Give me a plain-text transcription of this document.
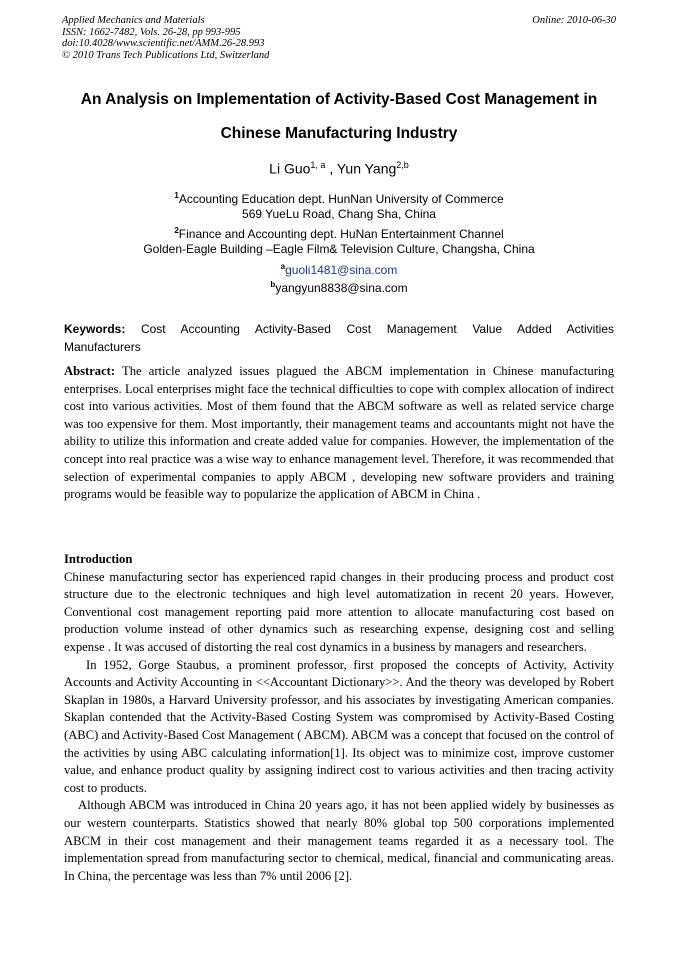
Applied Mechanics and Materials
ISSN: 1662-7482, Vols. 26-28, pp 993-995
doi:10.4028/www.scientific.net/AMM.26-28.993
© 2010 Trans Tech Publications Ltd, Switzerland
Online: 2010-06-30
An Analysis on Implementation of Activity-Based Cost Management in
Chinese Manufacturing Industry
Li Guo$^{1, a}$ , Yun Yang$^{2,b}$
$^1$Accounting Education dept. HunNan University of Commerce
569 YueLu Road, Chang Sha, China
$^2$Finance and Accounting dept. HuNan Entertainment Channel
Golden-Eagle Building –Eagle Film& Television Culture, Changsha, China
$^a$guoli1481@sina.com
$^b$yangyun8838@sina.com
Keywords: Cost Accounting Activity-Based Cost Management Value Added Activities
Manufacturers
Abstract: The article analyzed issues plagued the ABCM implementation in Chinese manufacturing enterprises. Local enterprises might face the technical difficulties to cope with complex allocation of indirect cost into various activities. Most of them found that the ABCM software as well as related service charge was too expensive for them. Most importantly, their management teams and accountants might not have the ability to utilize this information and create added value for companies. However, the implementation of the concept into real practice was a wise way to enhance management level. Therefore, it was recommended that selection of experimental companies to apply ABCM , developing new software providers and training programs would be feasible way to popularize the application of ABCM in China .
Introduction

Chinese manufacturing sector has experienced rapid changes in their producing process and product cost structure due to the electronic techniques and high level automatization in recent 20 years. However, Conventional cost management reporting paid more attention to allocate manufacturing cost based on production volume instead of other dynamics such as researching expense, designing cost and selling expense . It was accused of distorting the real cost dynamics in a business by managers and researchers.

In 1952, Gorge Staubus, a prominent professor, first proposed the concepts of Activity, Activity Accounts and Activity Accounting in <<Accountant Dictionary>>. And the theory was developed by Robert Skaplan in 1980s, a Harvard University professor, and his associates by investigating American companies. Skaplan contended that the Activity-Based Costing System was compromised by Activity-Based Costing (ABC) and Activity-Based Cost Management ( ABCM). ABCM was a concept that focused on the control of the activities by using ABC calculating information[1]. Its object was to minimize cost, improve customer value, and enhance product quality by assigning indirect cost to various activities and then tracing activity cost to products.

Although ABCM was introduced in China 20 years ago, it has not been applied widely by businesses as our western counterparts. Statistics showed that nearly 80% global top 500 corporations implemented ABCM in their cost management and their management teams regarded it as a necessary tool. The implementation spread from manufacturing sector to chemical, medical, financial and communicating areas. In China, the percentage was less than 7% until 2006 [2].
